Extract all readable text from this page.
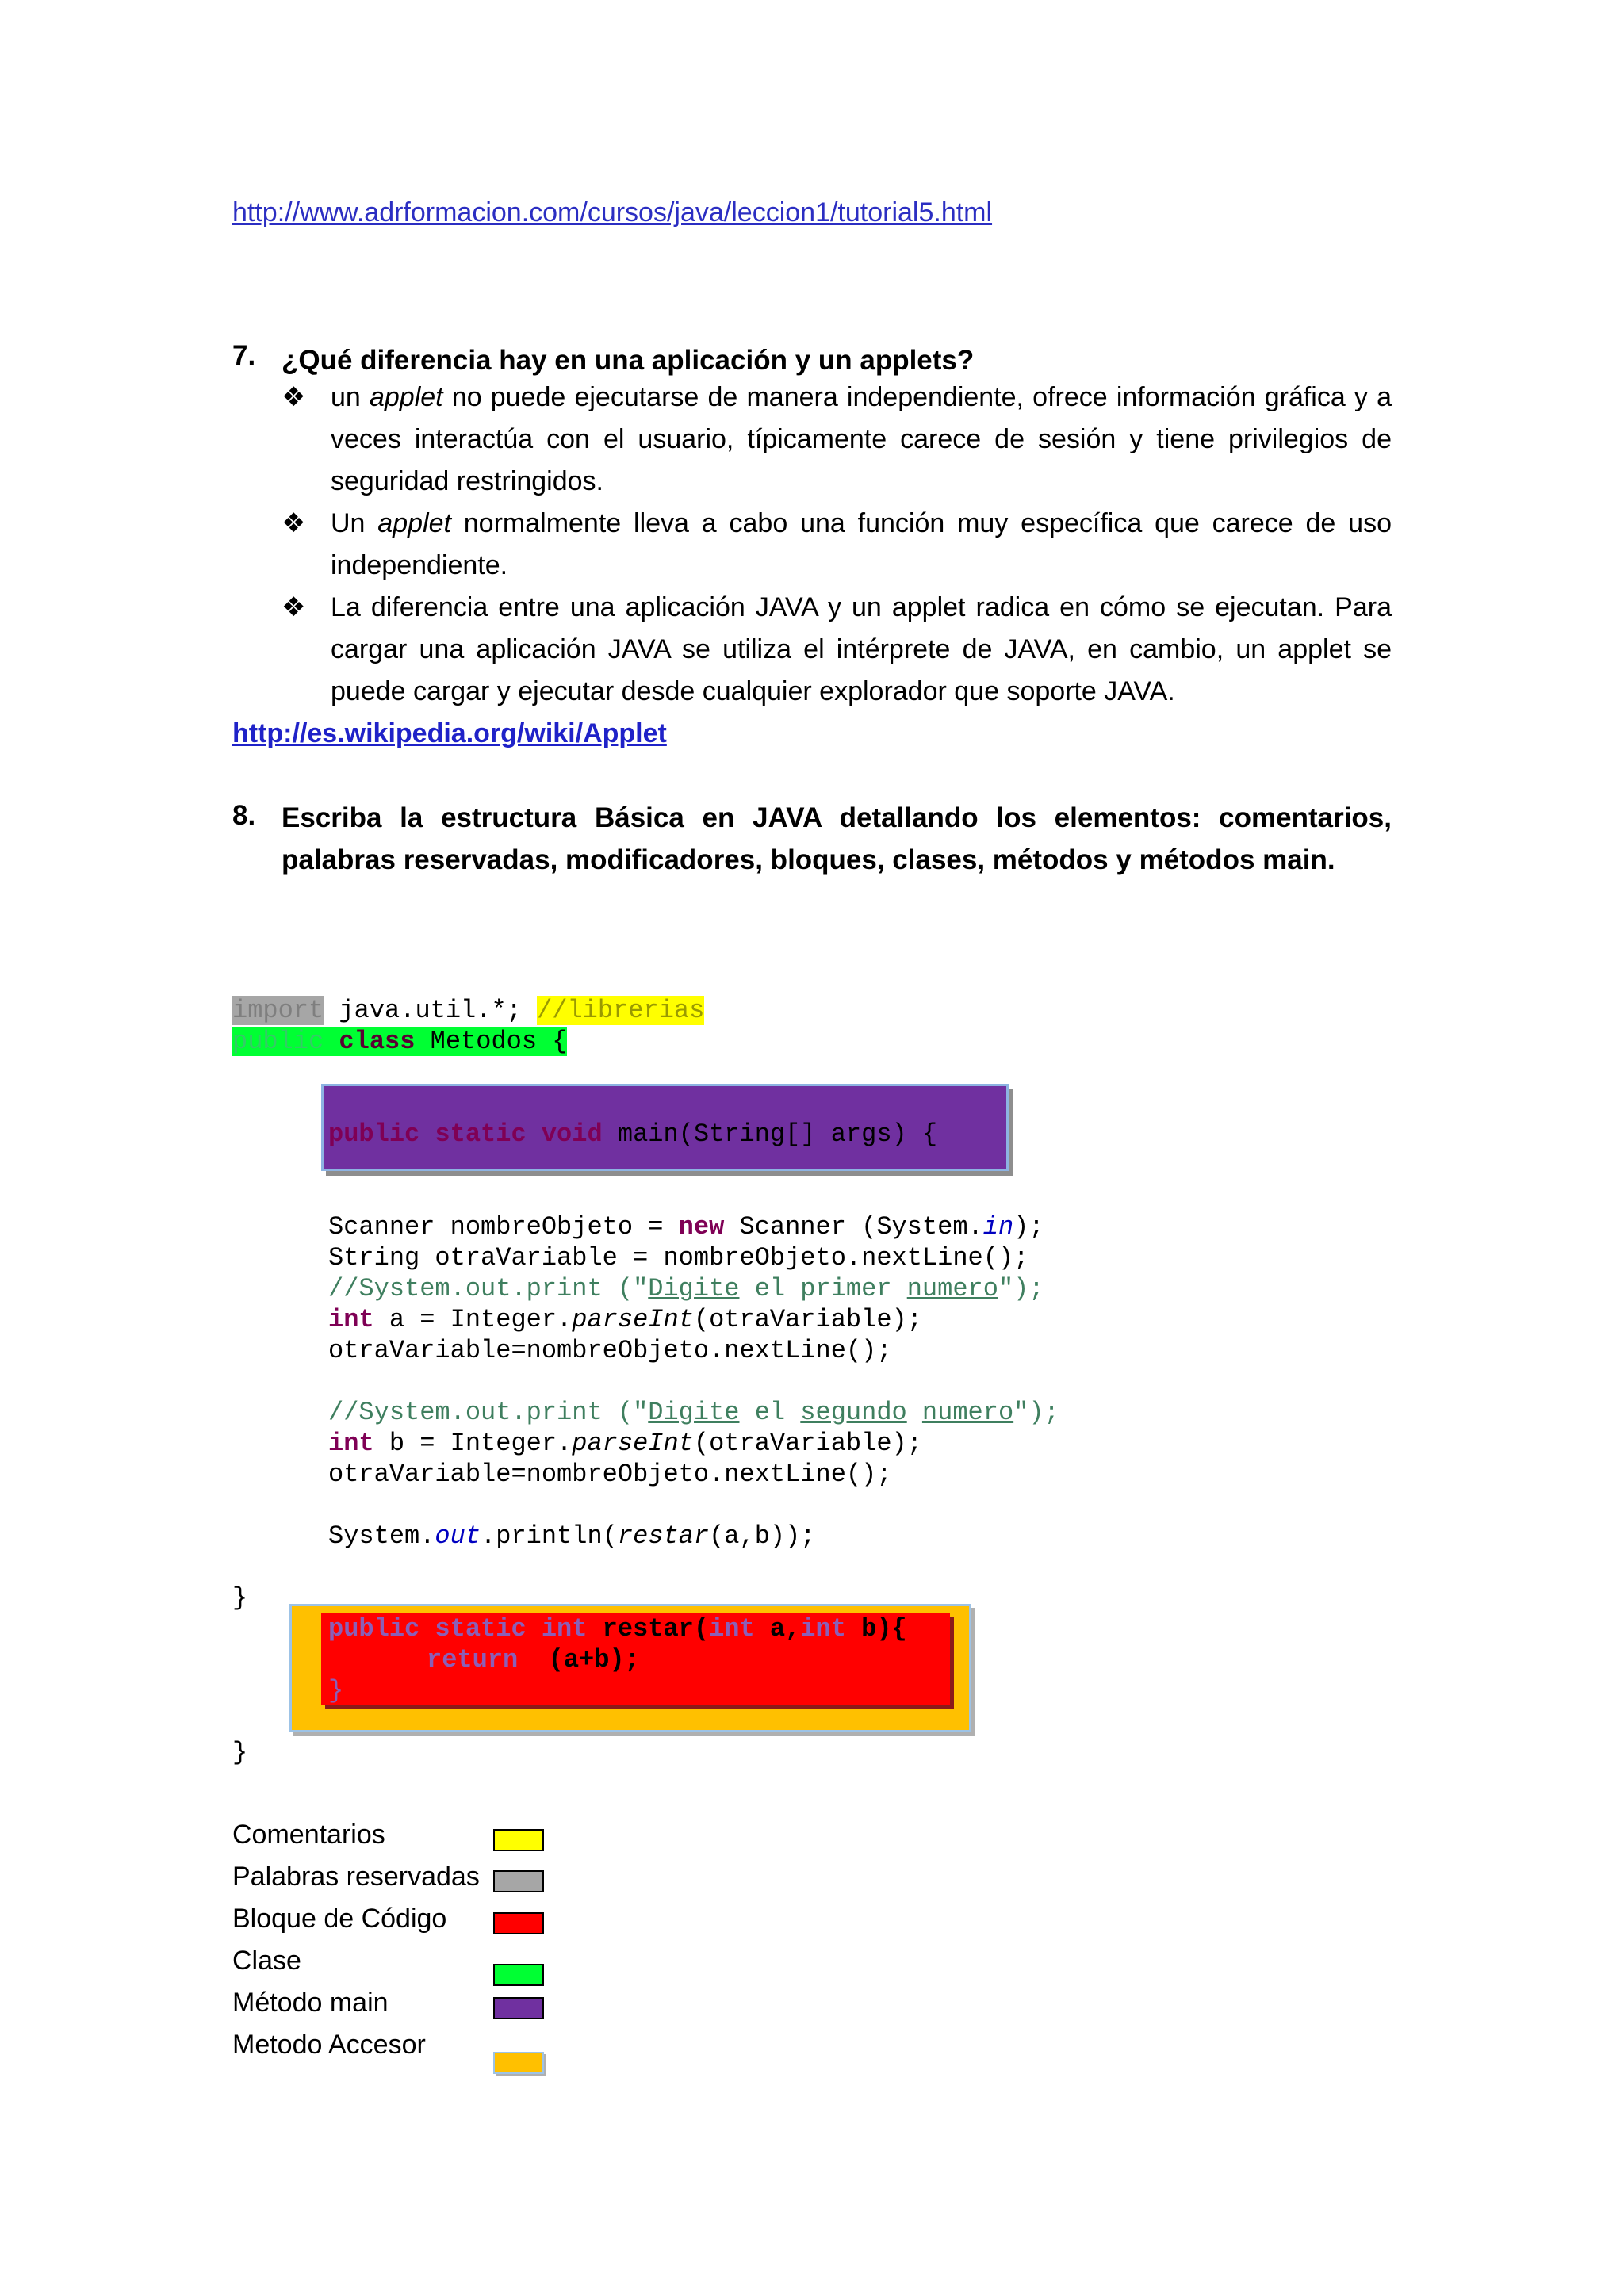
http://www.adrformacion.com/cursos/java/leccion1/tutorial5.html
7. ¿Qué diferencia hay en una aplicación y un applets?
❖ un applet no puede ejecutarse de manera independiente, ofrece información gráfica y a veces interactúa con el usuario, típicamente carece de sesión y tiene privilegios de seguridad restringidos.
❖ Un applet normalmente lleva a cabo una función muy específica que carece de uso independiente.
❖ La diferencia entre una aplicación JAVA y un applet radica en cómo se ejecutan. Para cargar una aplicación JAVA se utiliza el intérprete de JAVA, en cambio, un applet se puede cargar y ejecutar desde cualquier explorador que soporte JAVA.
http://es.wikipedia.org/wiki/Applet
8. Escriba la estructura Básica en JAVA detallando los elementos: comentarios, palabras reservadas, modificadores, bloques, clases, métodos y métodos main.
import java.util.*; //librerias
public class Metodos {
public static void main(String[] args) {
Scanner nombreObjeto = new Scanner (System.in);
String otraVariable = nombreObjeto.nextLine();
//System.out.print ("Digite el primer numero");
int a = Integer.parseInt(otraVariable);
otraVariable=nombreObjeto.nextLine();
//System.out.print ("Digite el segundo numero");
int b = Integer.parseInt(otraVariable);
otraVariable=nombreObjeto.nextLine();
System.out.println(restar(a,b));
}
public static int restar(int a,int b){
return  (a+b);
}
}
Comentarios
Palabras reservadas
Bloque de Código
Clase
Método main
Metodo Accesor
